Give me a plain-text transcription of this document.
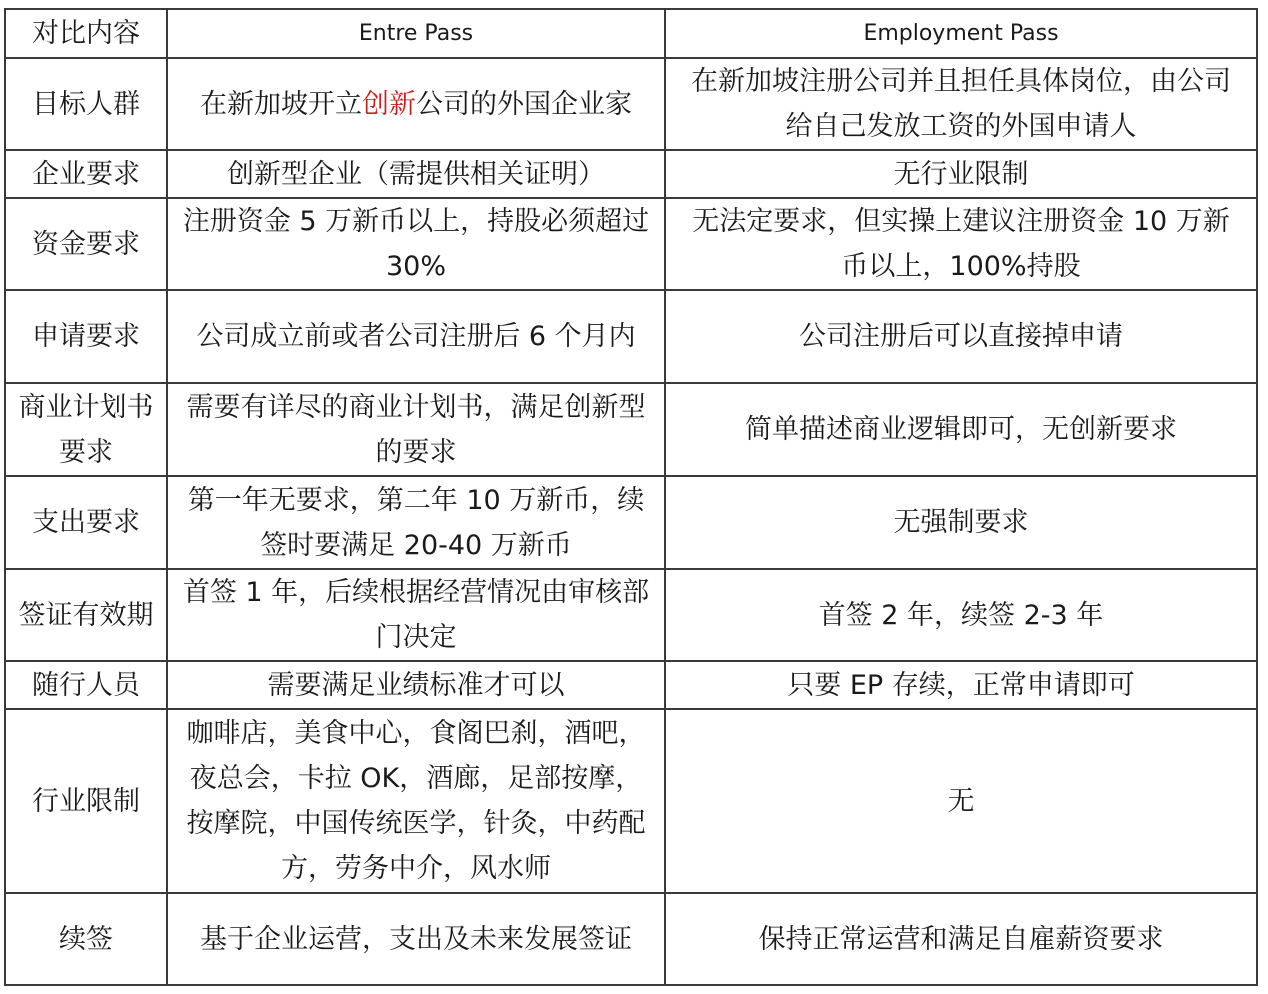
对比内容	Entre Pass	Employment Pass
目标人群	在新加坡开立创新公司的外国企业家	在新加坡注册公司并且担任具体岗位，由公司给自己发放工资的外国申请人
企业要求	创新型企业（需提供相关证明）	无行业限制
资金要求	注册资金 5 万新币以上，持股必须超过 30%	无法定要求，但实操上建议注册资金 10 万新币以上，100%持股
申请要求	公司成立前或者公司注册后 6 个月内	公司注册后可以直接掉申请
商业计划书要求	需要有详尽的商业计划书，满足创新型的要求	简单描述商业逻辑即可，无创新要求
支出要求	第一年无要求，第二年 10 万新币，续签时要满足 20-40 万新币	无强制要求
签证有效期	首签 1 年，后续根据经营情况由审核部门决定	首签 2 年，续签 2-3 年
随行人员	需要满足业绩标准才可以	只要 EP 存续，正常申请即可
行业限制	咖啡店，美食中心，食阁巴刹，酒吧，夜总会，卡拉 OK，酒廊，足部按摩，按摩院，中国传统医学，针灸，中药配方，劳务中介，风水师	无
续签	基于企业运营，支出及未来发展签证	保持正常运营和满足自雇薪资要求
